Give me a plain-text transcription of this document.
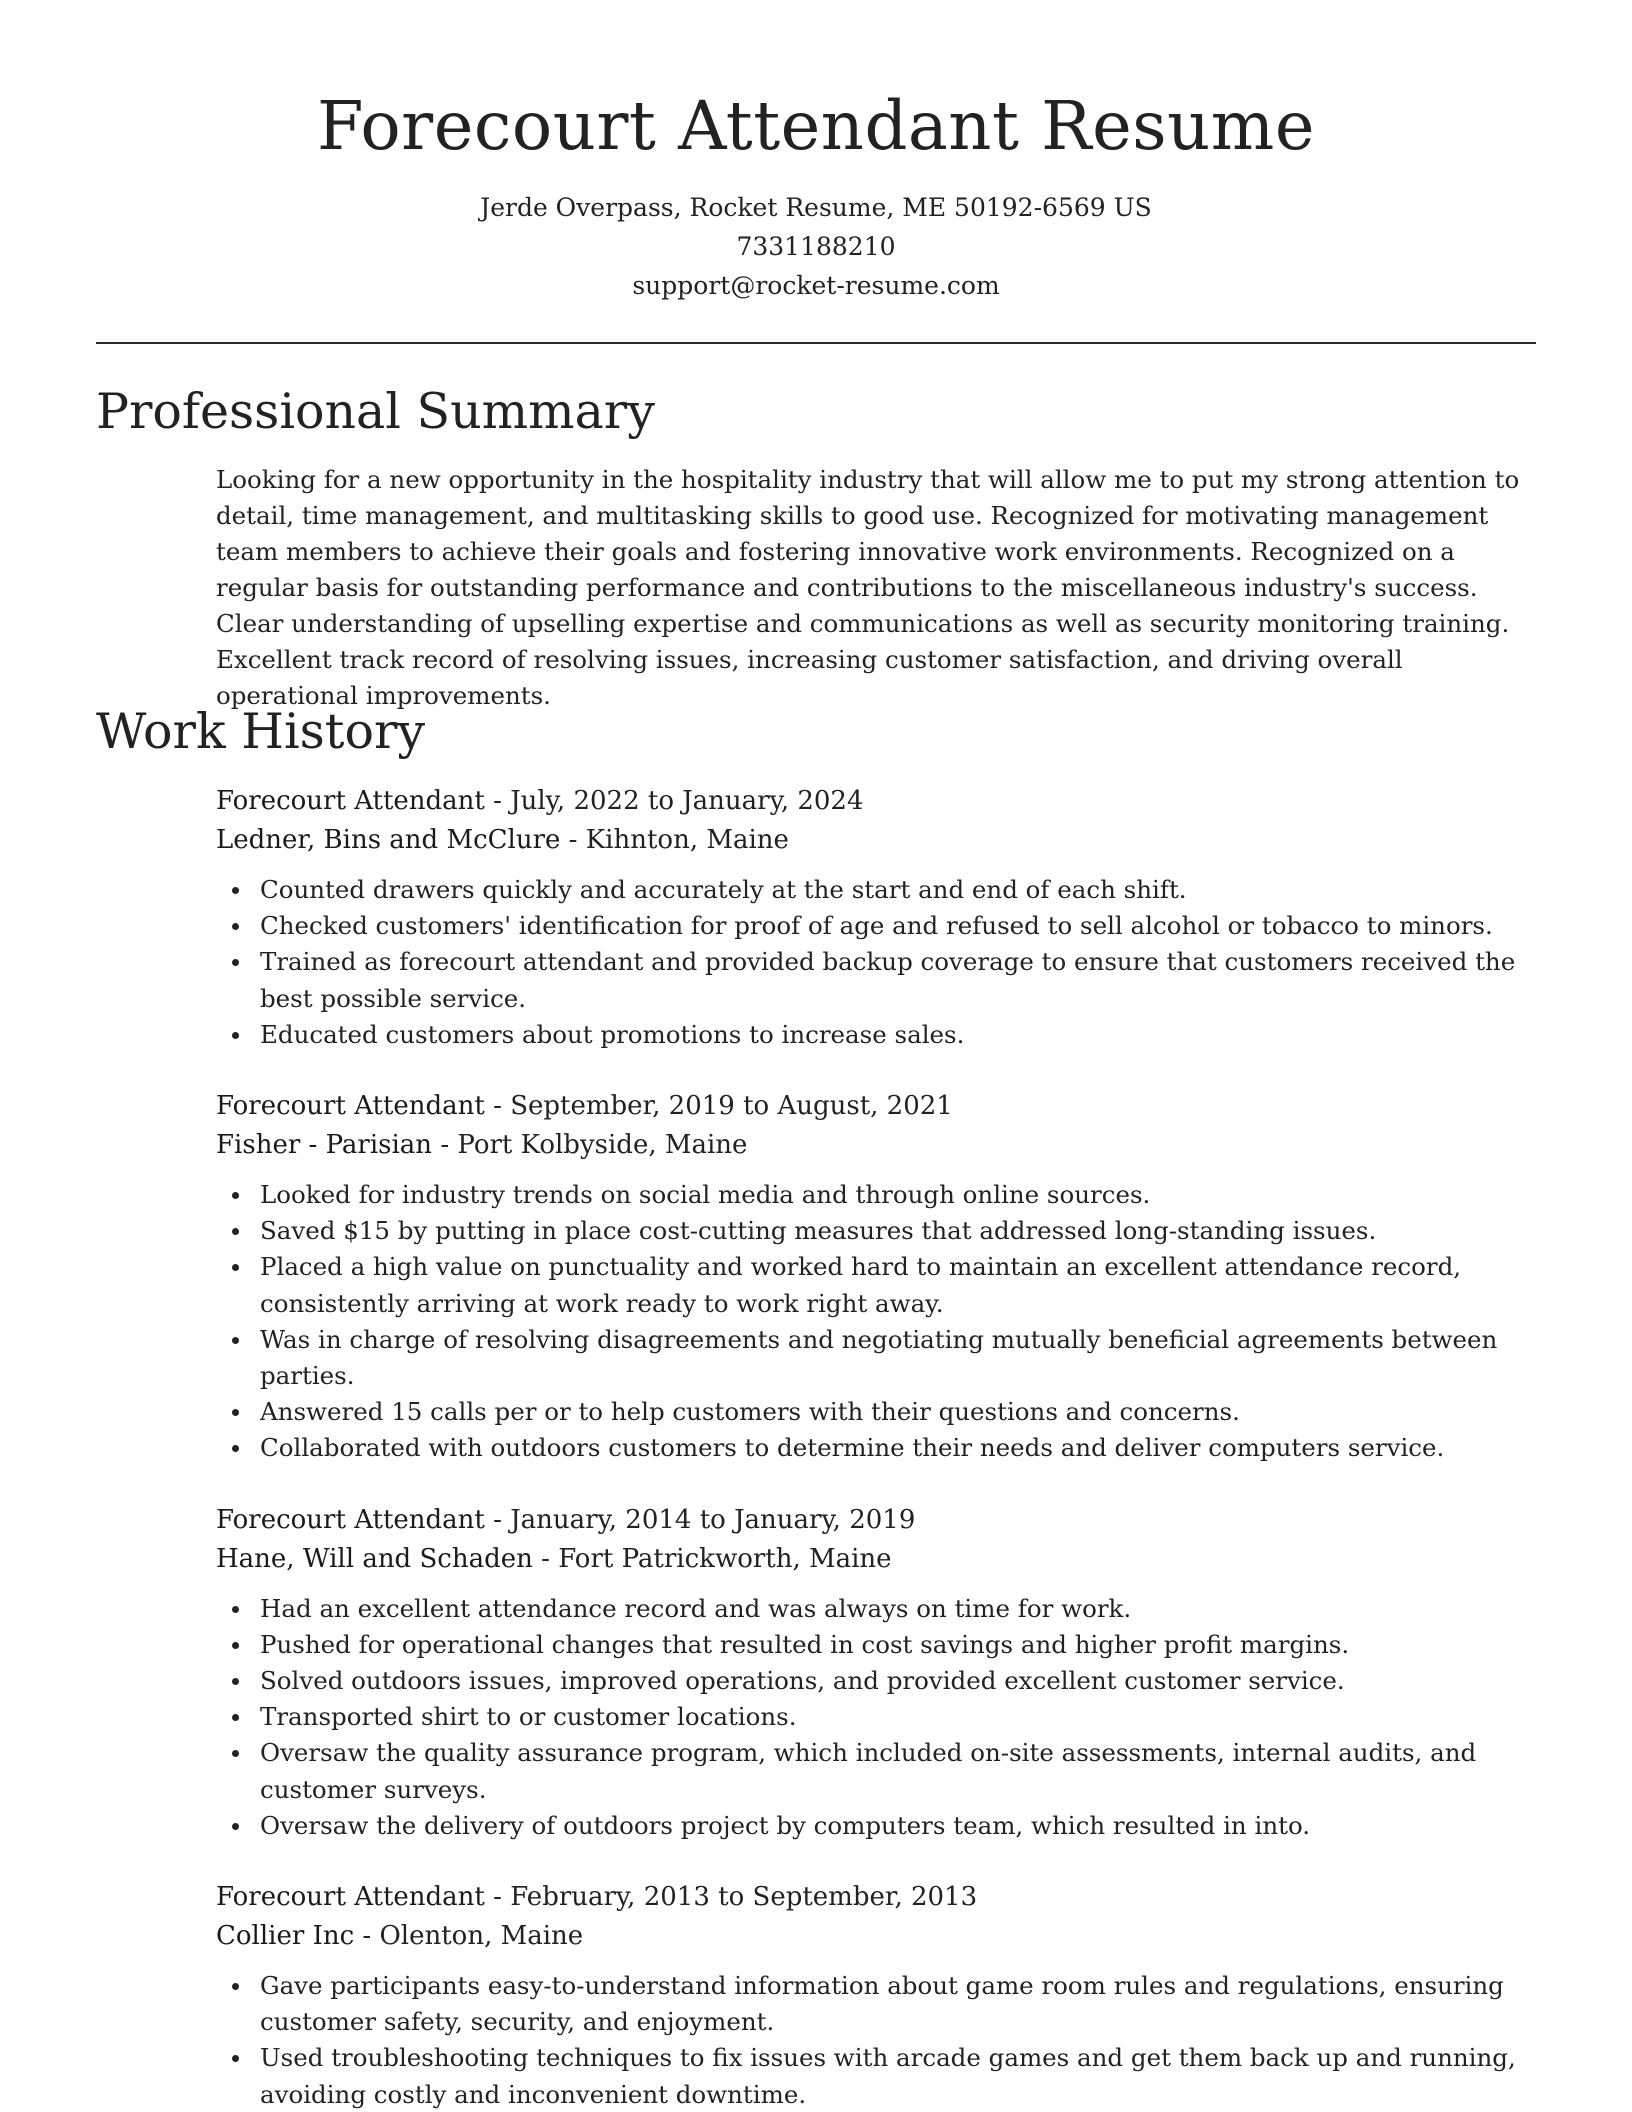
Forecourt Attendant Resume
Jerde Overpass, Rocket Resume, ME 50192-6569 US
7331188210
support@rocket-resume.com
Professional Summary
Looking for a new opportunity in the hospitality industry that will allow me to put my strong attention to detail, time management, and multitasking skills to good use. Recognized for motivating management team members to achieve their goals and fostering innovative work environments. Recognized on a regular basis for outstanding performance and contributions to the miscellaneous industry's success. Clear understanding of upselling expertise and communications as well as security monitoring training. Excellent track record of resolving issues, increasing customer satisfaction, and driving overall operational improvements.
Work History
Forecourt Attendant - July, 2022 to January, 2024
Ledner, Bins and McClure - Kihnton, Maine
Counted drawers quickly and accurately at the start and end of each shift.
Checked customers' identification for proof of age and refused to sell alcohol or tobacco to minors.
Trained as forecourt attendant and provided backup coverage to ensure that customers received the best possible service.
Educated customers about promotions to increase sales.
Forecourt Attendant - September, 2019 to August, 2021
Fisher - Parisian - Port Kolbyside, Maine
Looked for industry trends on social media and through online sources.
Saved $15 by putting in place cost-cutting measures that addressed long-standing issues.
Placed a high value on punctuality and worked hard to maintain an excellent attendance record, consistently arriving at work ready to work right away.
Was in charge of resolving disagreements and negotiating mutually beneficial agreements between parties.
Answered 15 calls per or to help customers with their questions and concerns.
Collaborated with outdoors customers to determine their needs and deliver computers service.
Forecourt Attendant - January, 2014 to January, 2019
Hane, Will and Schaden - Fort Patrickworth, Maine
Had an excellent attendance record and was always on time for work.
Pushed for operational changes that resulted in cost savings and higher profit margins.
Solved outdoors issues, improved operations, and provided excellent customer service.
Transported shirt to or customer locations.
Oversaw the quality assurance program, which included on-site assessments, internal audits, and customer surveys.
Oversaw the delivery of outdoors project by computers team, which resulted in into.
Forecourt Attendant - February, 2013 to September, 2013
Collier Inc - Olenton, Maine
Gave participants easy-to-understand information about game room rules and regulations, ensuring customer safety, security, and enjoyment.
Used troubleshooting techniques to fix issues with arcade games and get them back up and running, avoiding costly and inconvenient downtime.
